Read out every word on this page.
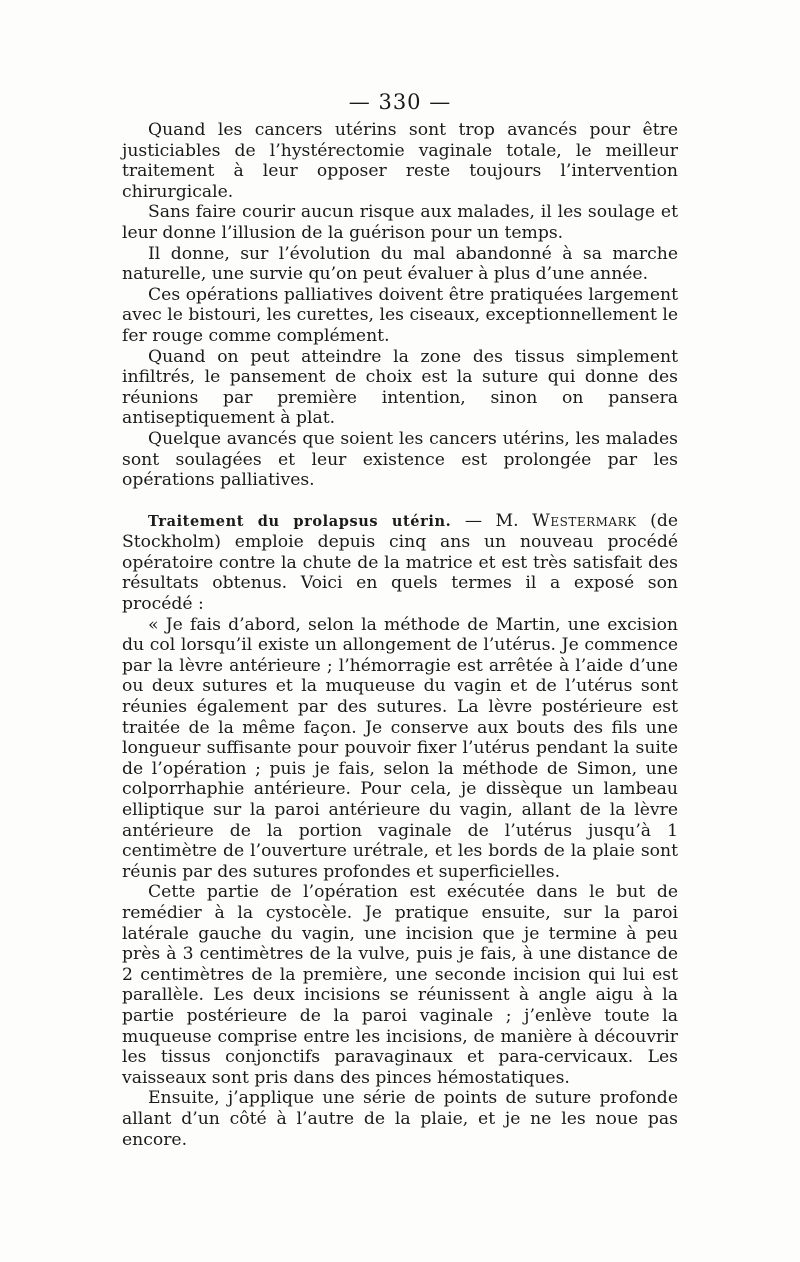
— 330 —

Quand les cancers utérins sont trop avancés pour être justiciables de l’hystérectomie vaginale totale, le meilleur traitement à leur opposer reste toujours l’intervention chirurgicale.

Sans faire courir aucun risque aux malades, il les soulage et leur donne l’illusion de la guérison pour un temps.

Il donne, sur l’évolution du mal abandonné à sa marche naturelle, une survie qu’on peut évaluer à plus d’une année.

Ces opérations palliatives doivent être pratiquées largement avec le bistouri, les curettes, les ciseaux, exceptionnellement le fer rouge comme complément.

Quand on peut atteindre la zone des tissus simplement infiltrés, le pansement de choix est la suture qui donne des réunions par première intention, sinon on pansera antiseptiquement à plat.

Quelque avancés que soient les cancers utérins, les malades sont soulagées et leur existence est prolongée par les opérations palliatives.

Traitement du prolapsus utérin. — M. Westermark (de Stockholm) emploie depuis cinq ans un nouveau procédé opératoire contre la chute de la matrice et est très satisfait des résultats obtenus. Voici en quels termes il a exposé son procédé :

« Je fais d’abord, selon la méthode de Martin, une excision du col lorsqu’il existe un allongement de l’utérus. Je commence par la lèvre antérieure ; l’hémorragie est arrêtée à l’aide d’une ou deux sutures et la muqueuse du vagin et de l’utérus sont réunies également par des sutures. La lèvre postérieure est traitée de la même façon. Je conserve aux bouts des fils une longueur suffisante pour pouvoir fixer l’utérus pendant la suite de l’opération ; puis je fais, selon la méthode de Simon, une colporrhaphie antérieure. Pour cela, je dissèque un lambeau elliptique sur la paroi antérieure du vagin, allant de la lèvre antérieure de la portion vaginale de l’utérus jusqu’à 1 centimètre de l’ouverture urétrale, et les bords de la plaie sont réunis par des sutures profondes et superficielles.

Cette partie de l’opération est exécutée dans le but de remédier à la cystocèle. Je pratique ensuite, sur la paroi latérale gauche du vagin, une incision que je termine à peu près à 3 centimètres de la vulve, puis je fais, à une distance de 2 centimètres de la première, une seconde incision qui lui est parallèle. Les deux incisions se réunissent à angle aigu à la partie postérieure de la paroi vaginale ; j’enlève toute la muqueuse comprise entre les incisions, de manière à découvrir les tissus conjonctifs paravaginaux et para-cervicaux. Les vaisseaux sont pris dans des pinces hémostatiques.

Ensuite, j’applique une série de points de suture profonde allant d’un côté à l’autre de la plaie, et je ne les noue pas encore.
